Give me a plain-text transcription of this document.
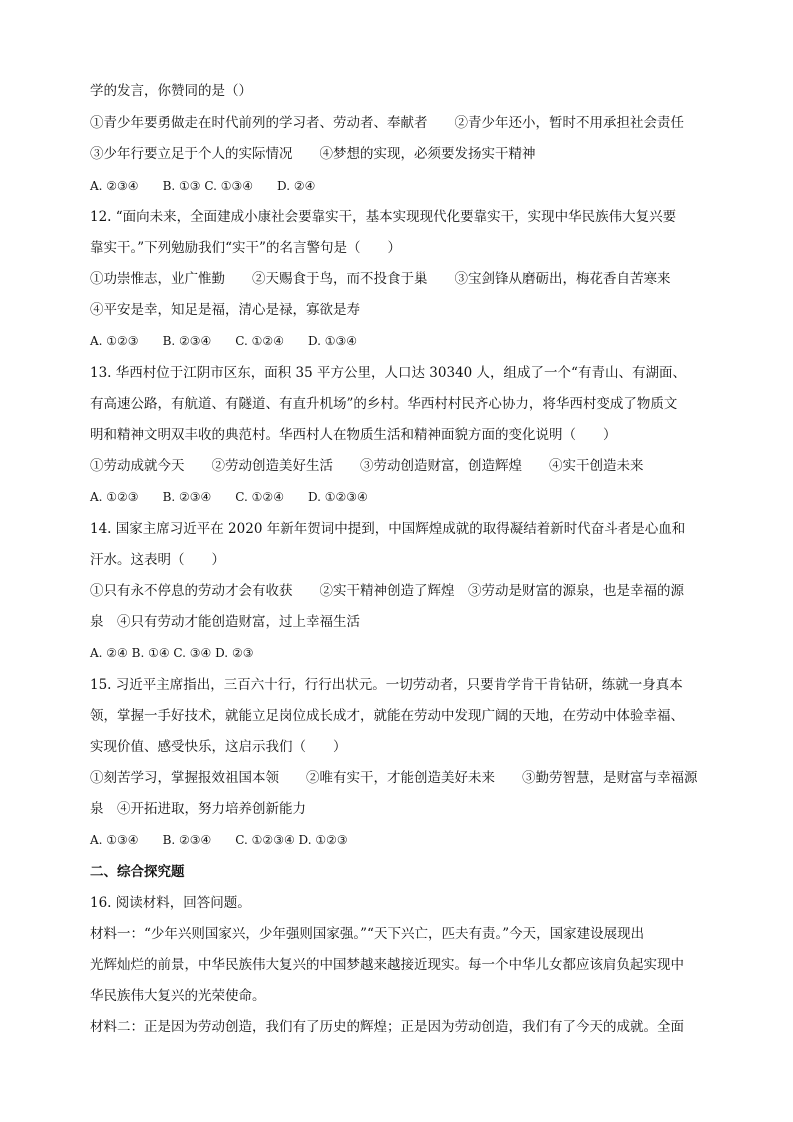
学的发言，你赞同的是（）
①青少年要勇做走在时代前列的学习者、劳动者、奉献者　　②青少年还小，暂时不用承担社会责任
③少年行要立足于个人的实际情况　　④梦想的实现，必须要发扬实干精神
A. ②③④　　B. ①③ C. ①③④　　D. ②④
12. “面向未来，全面建成小康社会要靠实干，基本实现现代化要靠实干，实现中华民族伟大复兴要
靠实干。”下列勉励我们“实干”的名言警句是（　　）
①功崇惟志，业广惟勤　　②天赐食于鸟，而不投食于巢　　③宝剑锋从磨砺出，梅花香自苦寒来
④平安是幸，知足是福，清心是禄，寡欲是寿
A. ①②③　　B. ②③④　　C. ①②④　　D. ①③④
13. 华西村位于江阴市区东，面积 35 平方公里，人口达 30340 人，组成了一个“有青山、有湖面、
有高速公路，有航道、有隧道、有直升机场”的乡村。华西村村民齐心协力，将华西村变成了物质文
明和精神文明双丰收的典范村。华西村人在物质生活和精神面貌方面的变化说明（　　）
①劳动成就今天　　②劳动创造美好生活　　③劳动创造财富，创造辉煌　　④实干创造未来
A. ①②③　　B. ②③④　　C. ①②④　　D. ①②③④
14. 国家主席习近平在 2020 年新年贺词中提到，中国辉煌成就的取得凝结着新时代奋斗者是心血和
汗水。这表明（　　）
①只有永不停息的劳动才会有收获　　②实干精神创造了辉煌　③劳动是财富的源泉，也是幸福的源
泉　④只有劳动才能创造财富，过上幸福生活
A. ②④ B. ①④ C. ③④ D. ②③
15. 习近平主席指出，三百六十行，行行出状元。一切劳动者，只要肯学肯干肯钻研，练就一身真本
领，掌握一手好技术，就能立足岗位成长成才，就能在劳动中发现广阔的天地，在劳动中体验幸福、
实现价值、感受快乐，这启示我们（　　）
①刻苦学习，掌握报效祖国本领　　②唯有实干，才能创造美好未来　　③勤劳智慧，是财富与幸福源
泉　④开拓进取，努力培养创新能力
A. ①③④　　B. ②③④　　C. ①②③④ D. ①②③
二、综合探究题
16. 阅读材料，回答问题。
材料一：“少年兴则国家兴，少年强则国家强。”“天下兴亡，匹夫有责。”今天，国家建设展现出
光辉灿烂的前景，中华民族伟大复兴的中国梦越来越接近现实。每一个中华儿女都应该肩负起实现中
华民族伟大复兴的光荣使命。
材料二：正是因为劳动创造，我们有了历史的辉煌；正是因为劳动创造，我们有了今天的成就。全面
